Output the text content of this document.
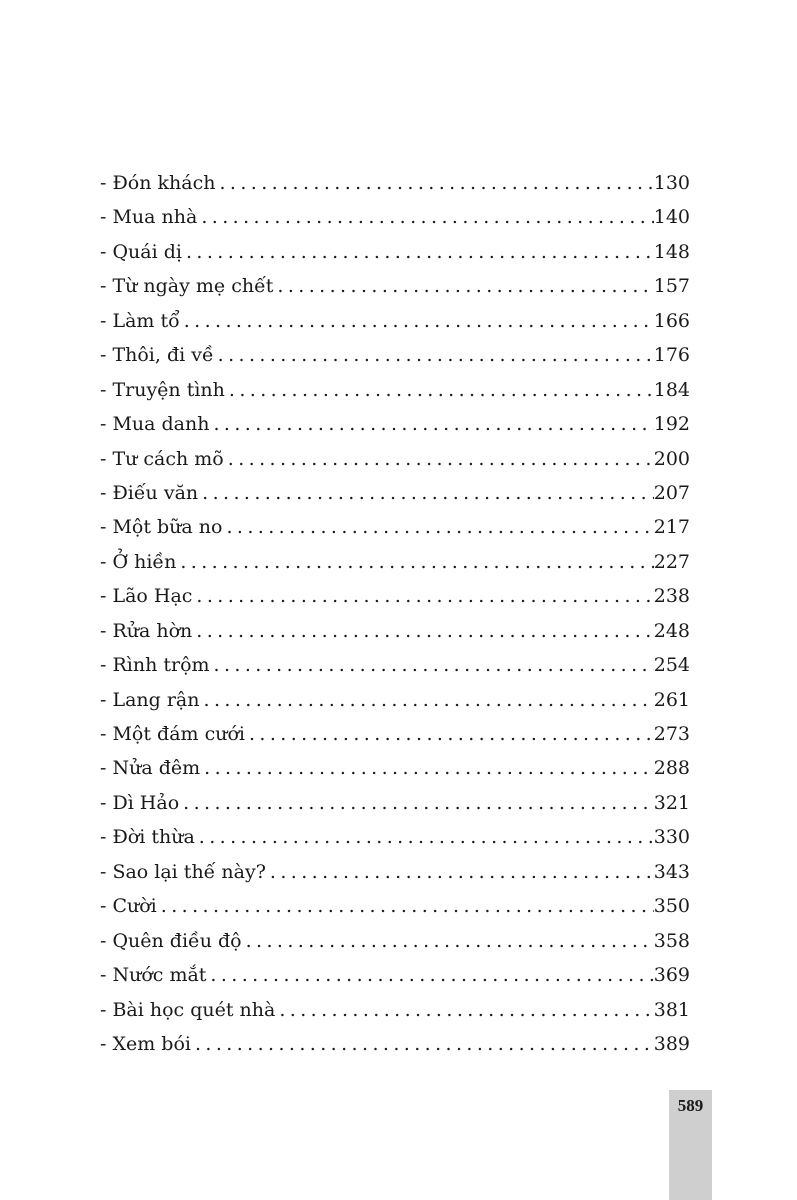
- Đón khách .....	130
- Mua nhà .....	140
- Quái dị .....	148
- Từ ngày mẹ chết .....	157
- Làm tổ .....	166
- Thôi, đi về .....	176
- Truyện tình .....	184
- Mua danh .....	192
- Tư cách mõ .....	200
- Điếu văn .....	207
- Một bữa no .....	217
- Ở hiền .....	227
- Lão Hạc .....	238
- Rửa hờn .....	248
- Rình trộm .....	254
- Lang rận .....	261
- Một đám cưới .....	273
- Nửa đêm .....	288
- Dì Hảo .....	321
- Đời thừa .....	330
- Sao lại thế này? .....	343
- Cười .....	350
- Quên điều độ .....	358
- Nước mắt .....	369
- Bài học quét nhà .....	381
- Xem bói .....	389
589
